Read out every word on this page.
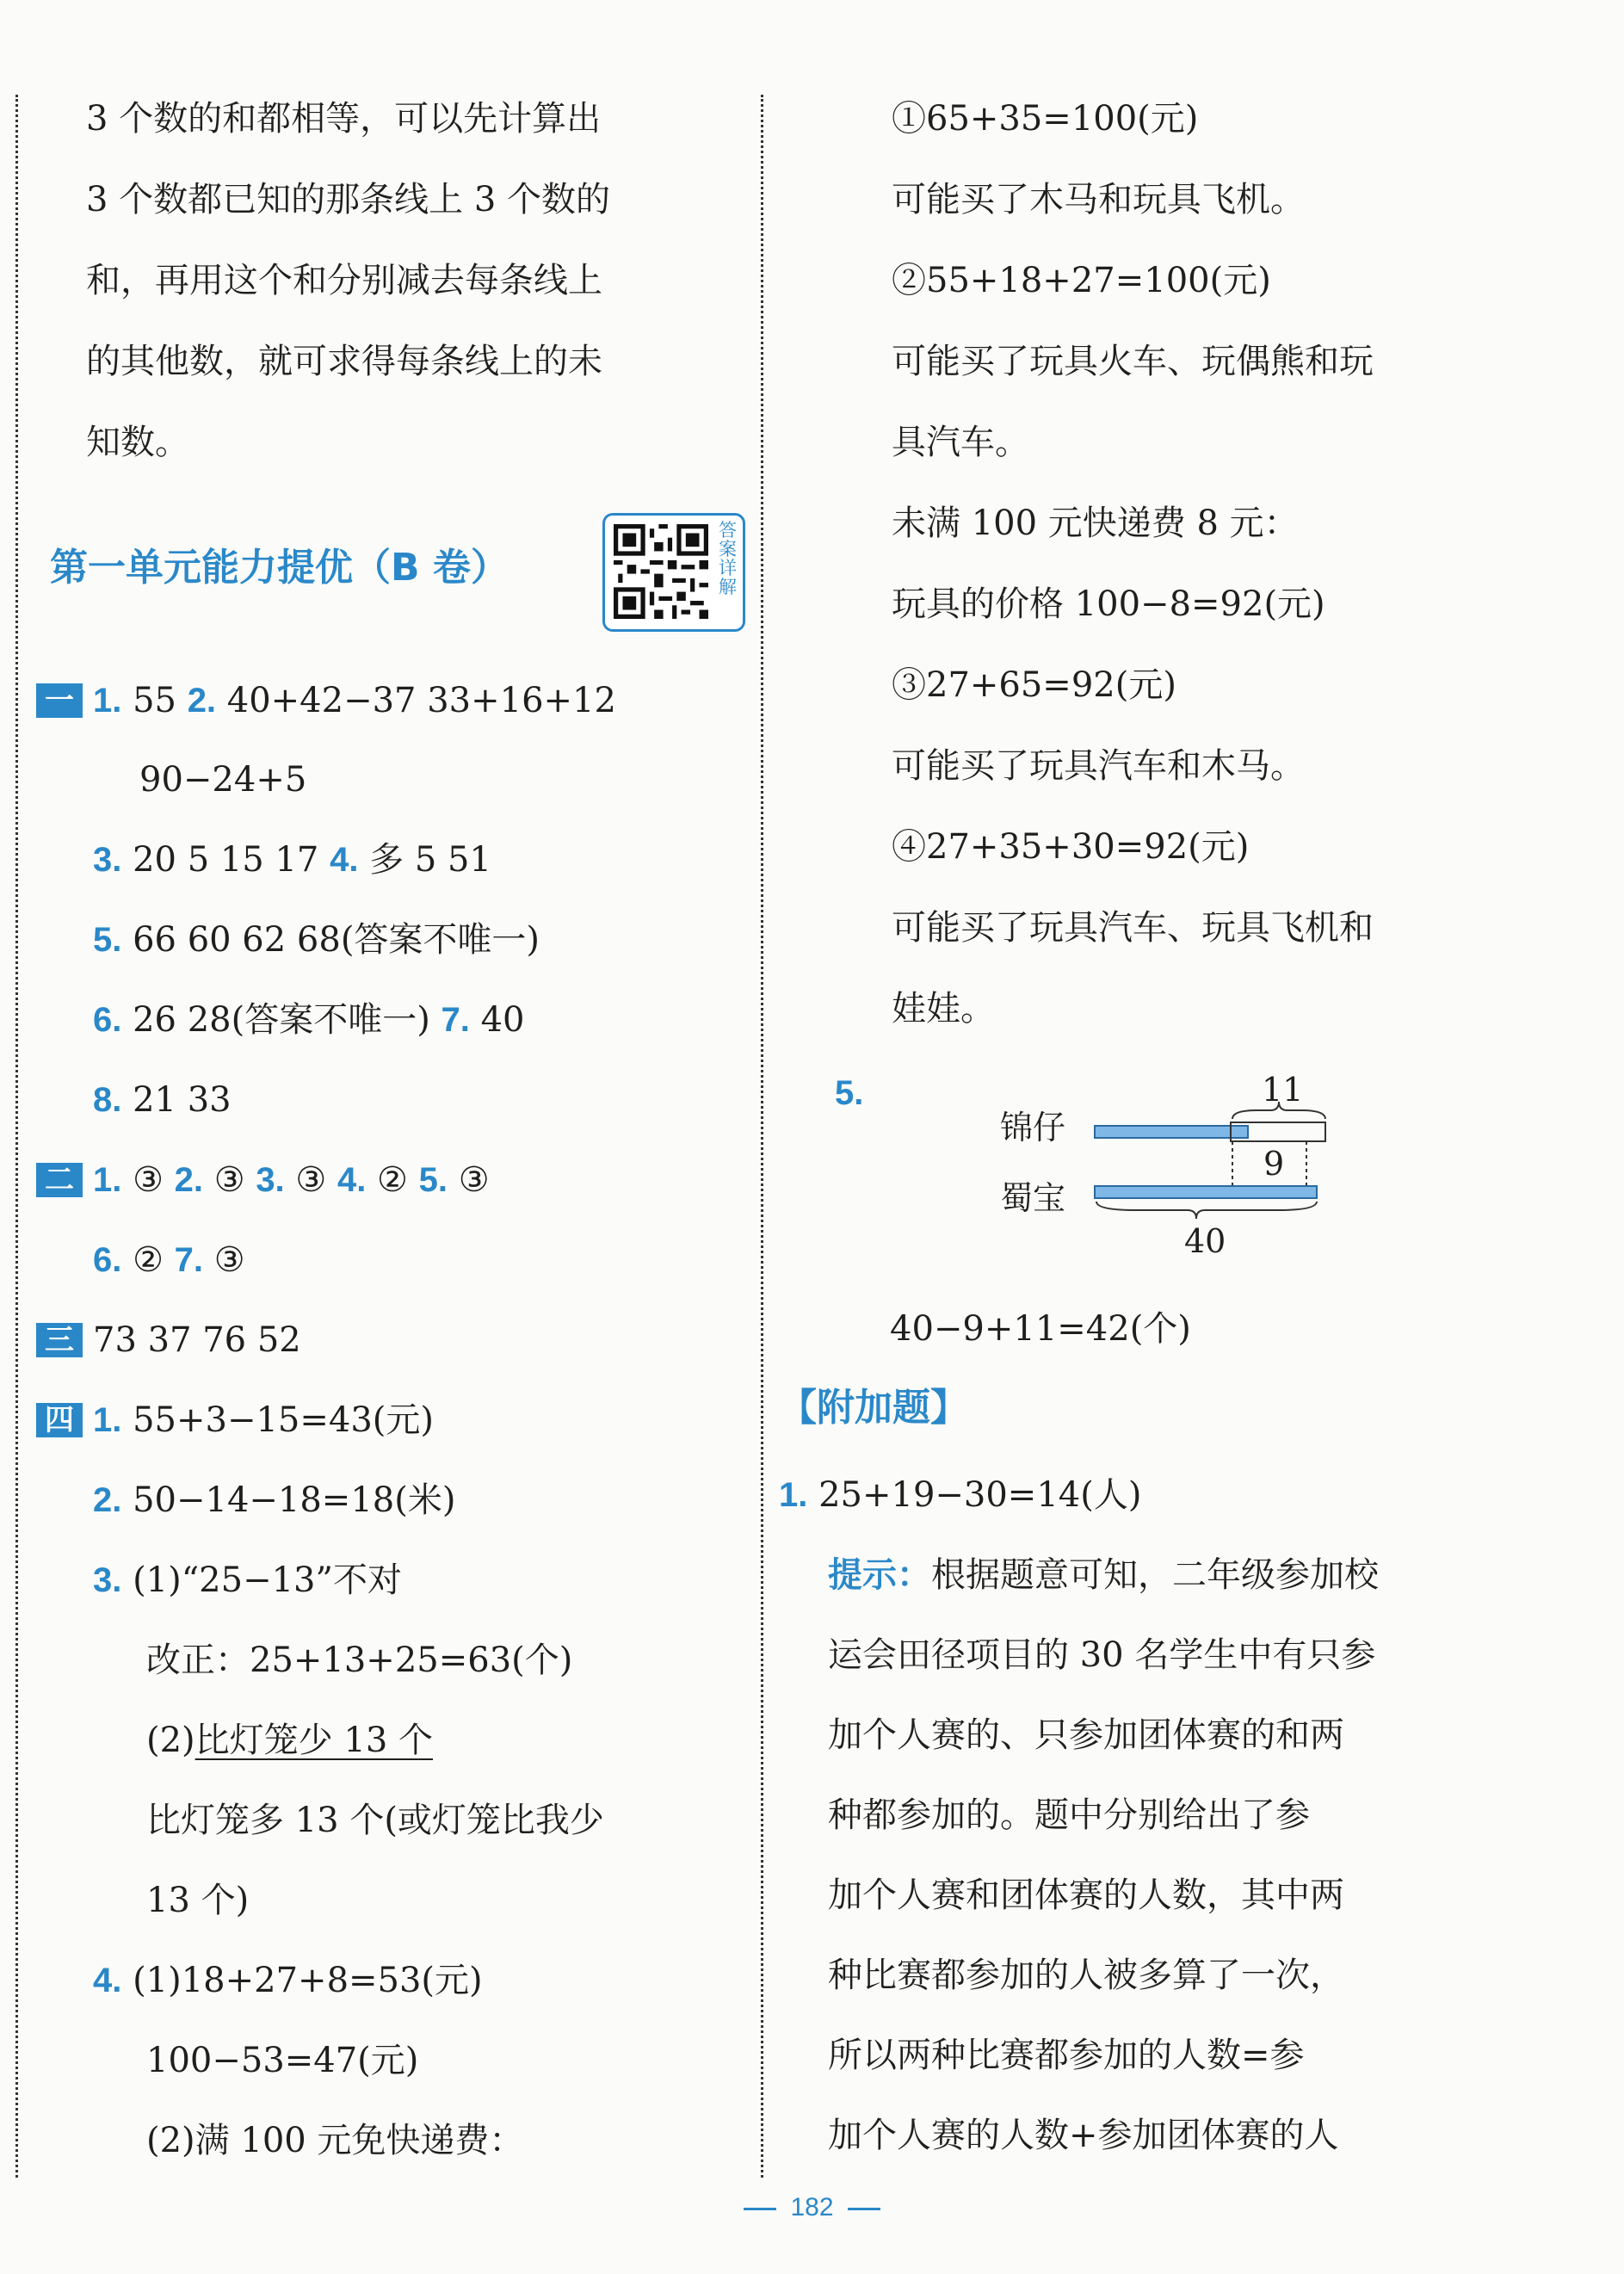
3 个数的和都相等，可以先计算出
3 个数都已知的那条线上 3 个数的
和，再用这个和分别减去每条线上
的其他数，就可求得每条线上的未
知数。
第一单元能力提优（B 卷）
答案详解
一 1. 55 2. 40+42−37 33+16+12
90−24+5
3. 20 5 15 17 4. 多 5 51
5. 66 60 62 68(答案不唯一)
6. 26 28(答案不唯一) 7. 40
8. 21 33
二 1. ③ 2. ③ 3. ③ 4. ② 5. ③
6. ② 7. ③
三 73 37 76 52
四 1. 55+3−15=43(元)
2. 50−14−18=18(米)
3. (1)“25−13”不对
改正：25+13+25=63(个)
(2)比灯笼少 13 个
比灯笼多 13 个(或灯笼比我少
13 个)
4. (1)18+27+8=53(元)
100−53=47(元)
(2)满 100 元免快递费：
①65+35=100(元)
可能买了木马和玩具飞机。
②55+18+27=100(元)
可能买了玩具火车、玩偶熊和玩
具汽车。
未满 100 元快递费 8 元：
玩具的价格 100−8=92(元)
③27+65=92(元)
可能买了玩具汽车和木马。
④27+35+30=92(元)
可能买了玩具汽车、玩具飞机和
娃娃。
5.
锦仔
蜀宝
11
9
40
40−9+11=42(个)
【附加题】
1. 25+19−30=14(人)
提示：根据题意可知，二年级参加校
运会田径项目的 30 名学生中有只参
加个人赛的、只参加团体赛的和两
种都参加的。题中分别给出了参
加个人赛和团体赛的人数，其中两
种比赛都参加的人被多算了一次，
所以两种比赛都参加的人数=参
加个人赛的人数+参加团体赛的人
182
